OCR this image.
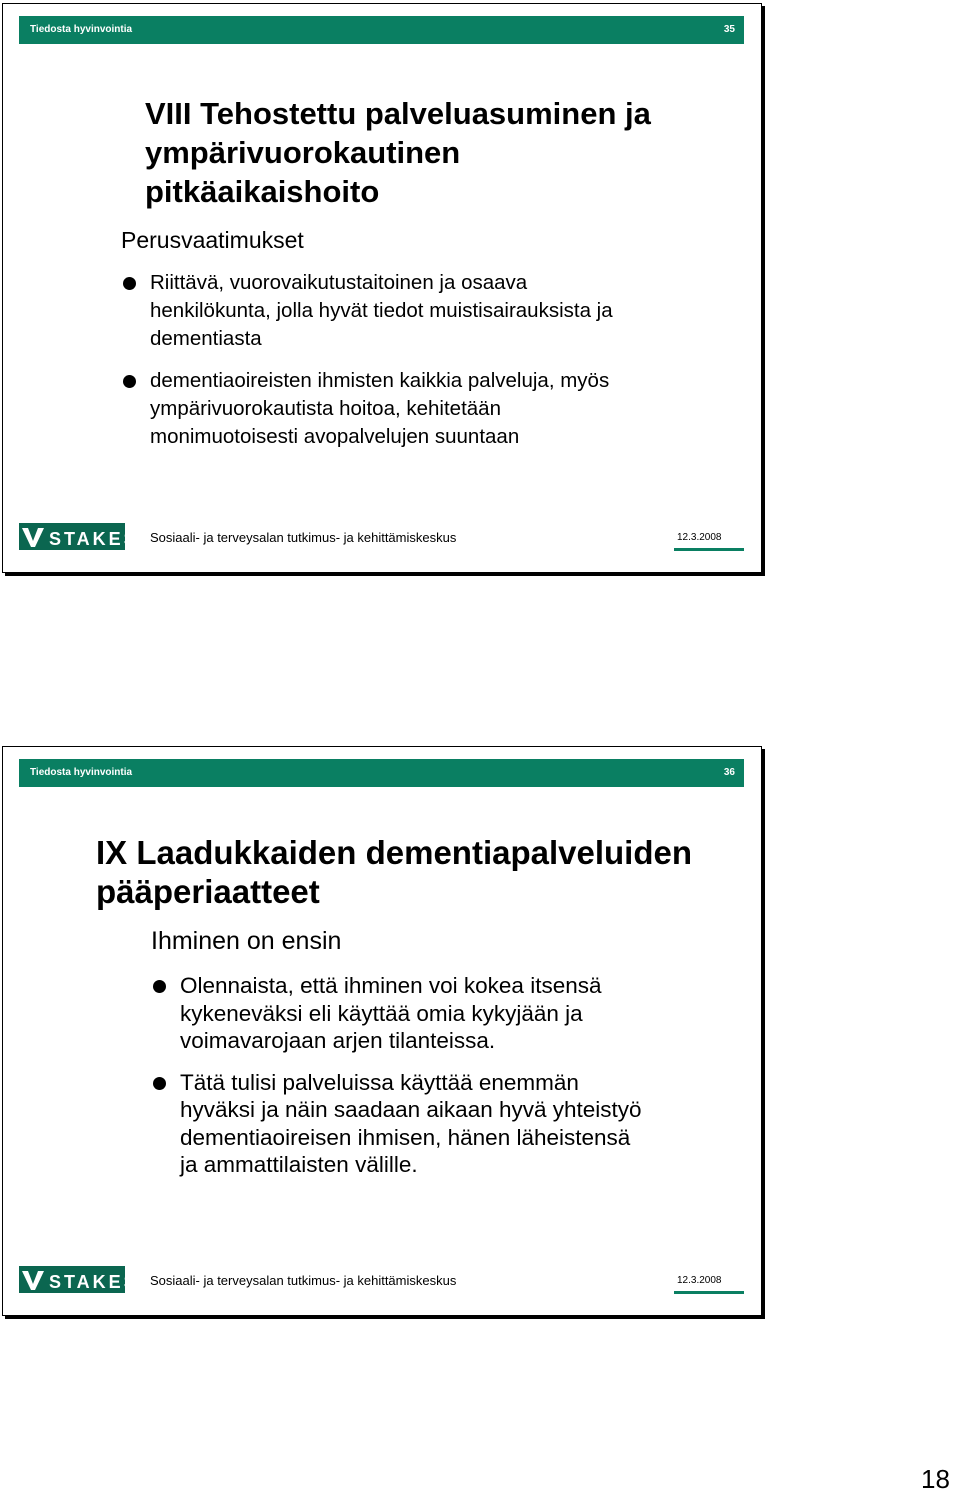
Tiedosta hyvinvointia	35
VIII Tehostettu palveluasuminen ja
ympärivuorokautinen
pitkäaikaishoito

Perusvaatimukset

Riittävä, vuorovaikutustaitoinen ja osaava
henkilökunta, jolla hyvät tiedot muistisairauksista ja
dementiasta
dementiaoireisten ihmisten kaikkia palveluja, myös
ympärivuorokautista hoitoa, kehitetään
monimuotoisesti avopalvelujen suuntaan
STAKES Sosiaali- ja terveysalan tutkimus- ja kehittämiskeskus	12.3.2008
Tiedosta hyvinvointia	36
IX Laadukkaiden dementiapalveluiden
pääperiaatteet

Ihminen on ensin

Olennaista, että ihminen voi kokea itsensä
kykeneväksi eli käyttää omia kykyjään ja
voimavarojaan arjen tilanteissa.
Tätä tulisi palveluissa käyttää enemmän
hyväksi ja näin saadaan aikaan hyvä yhteistyö
dementiaoireisen ihmisen, hänen läheistensä
ja ammattilaisten välille.
STAKES Sosiaali- ja terveysalan tutkimus- ja kehittämiskeskus	12.3.2008
18
